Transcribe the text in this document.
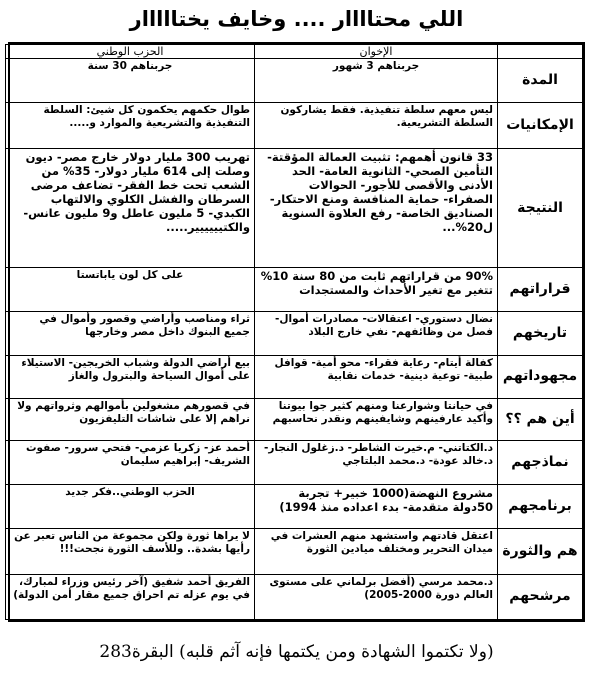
اللي محتاااار .... وخايف يختااااار
	الإخوان	الحزب الوطني
المدة	جربناهم 3 شهور	جربناهم 30 سنة
الإمكانيات	ليس معهم سلطة تنفيذية. فقط يشاركون السلطة التشريعية.	طوال حكمهم يحكمون كل شيئ: السلطة التنفيذية والتشريعية والموارد و.....
النتيجة	33 قانون أهمهم: تثبيت العمالة المؤقتة- التأمين الصحي- الثانوية العامة- الحد الأدنى والأقصى للأجور- الحوالات الصفراء- حماية المنافسة ومنع الاحتكار- الصناديق الخاصة- رفع العلاوة السنوية ل20%...	تهريب 300 مليار دولار خارج مصر- ديون وصلت إلى 614 مليار دولار- 35% من الشعب تحت خط الفقر- تضاعف مرضى السرطان والفشل الكلوي والالتهاب الكبدي- 5 مليون عاطل و9 مليون عانس- والكتيييييير.....
قراراتهم	90% من قراراتهم ثابت من 80 سنة 10% تتغير مع تغير الأحداث والمستجدات	على كل لون ياباتستا
تاريخهم	نضال دستوري- اعتقالات- مصادرات أموال- فصل من وظائفهم- نفي خارج البلاد	ثراء ومناصب وأراضي وقصور وأموال في جميع البنوك داخل مصر وخارجها
مجهوداتهم	كفالة أيتام- رعاية فقراء- محو أمية- قوافل طبية- توعية دينية- خدمات نقابية	بيع أراضي الدولة وشباب الخريجين- الاستيلاء على أموال السياحة والبترول والغاز
أين هم ؟؟	في حيانتا وشوارعنا ومنهم كثير جوا بيوتنا وأكيد عارفينهم وشايفينهم ونقدر نحاسبهم	في قصورهم مشغولين بأموالهم وثرواتهم ولا نراهم إلا على شاشات التليفزيون
نماذجهم	د.الكتاتني- م.خيرت الشاطر- د.زغلول النجار- د.خالد عودة- د.محمد البلتاجي	أحمد عز- زكريا عزمي- فتحي سرور- صفوت الشريف- إبراهيم سليمان
برنامجهم	مشروع النهضة(1000 خبير+ تجربة 50دولة متقدمة- بدء اعداده منذ 1994)	الحزب الوطني..فكر جديد
هم والثورة	اعتقل قادتهم واستشهد منهم العشرات في ميدان التحرير ومختلف ميادين الثورة	لا يراها ثورة ولكن مجموعة من الناس تعبر عن رأيها بشدة.. وللأسف الثورة نجحت!!!
مرشحهم	د.محمد مرسي (أفضل برلماني على مستوى العالم دورة 2000-2005)	الفريق أحمد شفيق (آخر رئيس وزراء لمبارك، في يوم عزله تم احراق جميع مقار أمن الدولة)
(ولا تكتموا الشهادة ومن يكتمها فإنه آثم قلبه) البقرة283
